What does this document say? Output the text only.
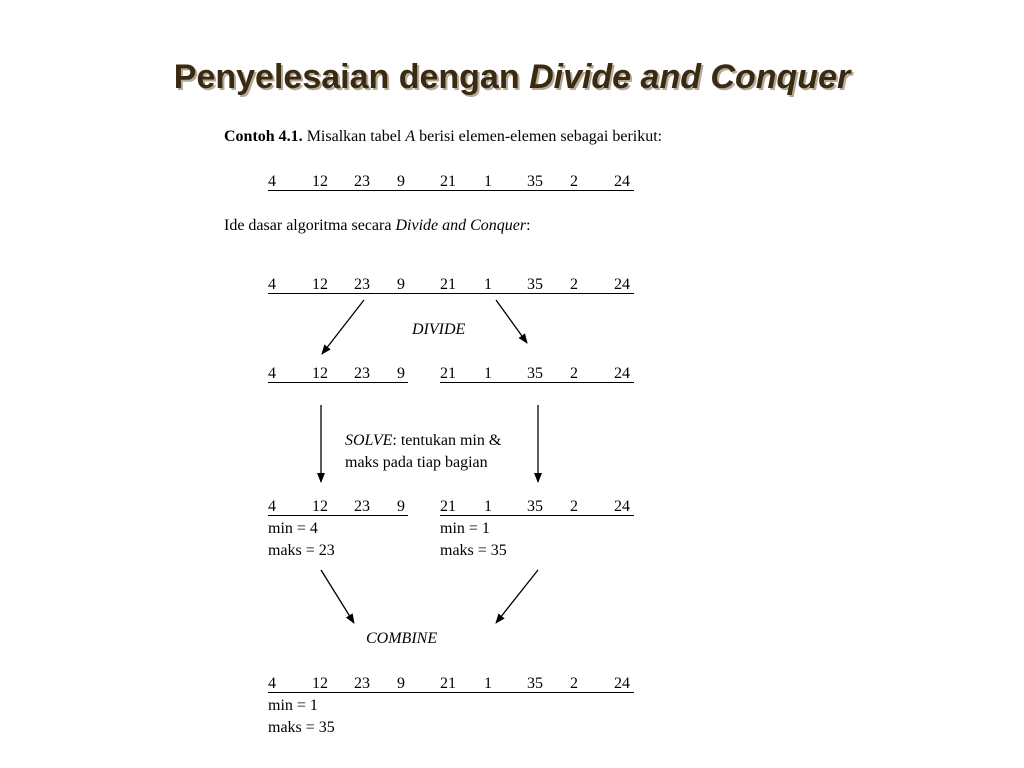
Penyelesaian dengan Divide and Conquer
Contoh 4.1. Misalkan tabel A berisi elemen-elemen sebagai berikut:
4 12 23 9 21 1 35 2 24
Ide dasar algoritma secara Divide and Conquer:
4 12 23 9 21 1 35 2 24
DIVIDE
4 12 23 9 21 1 35 2 24
SOLVE: tentukan min &
maks pada tiap bagian
4 12 23 9 21 1 35 2 24
min = 4
maks = 23
min = 1
maks = 35
COMBINE
4 12 23 9 21 1 35 2 24
min = 1
maks = 35
